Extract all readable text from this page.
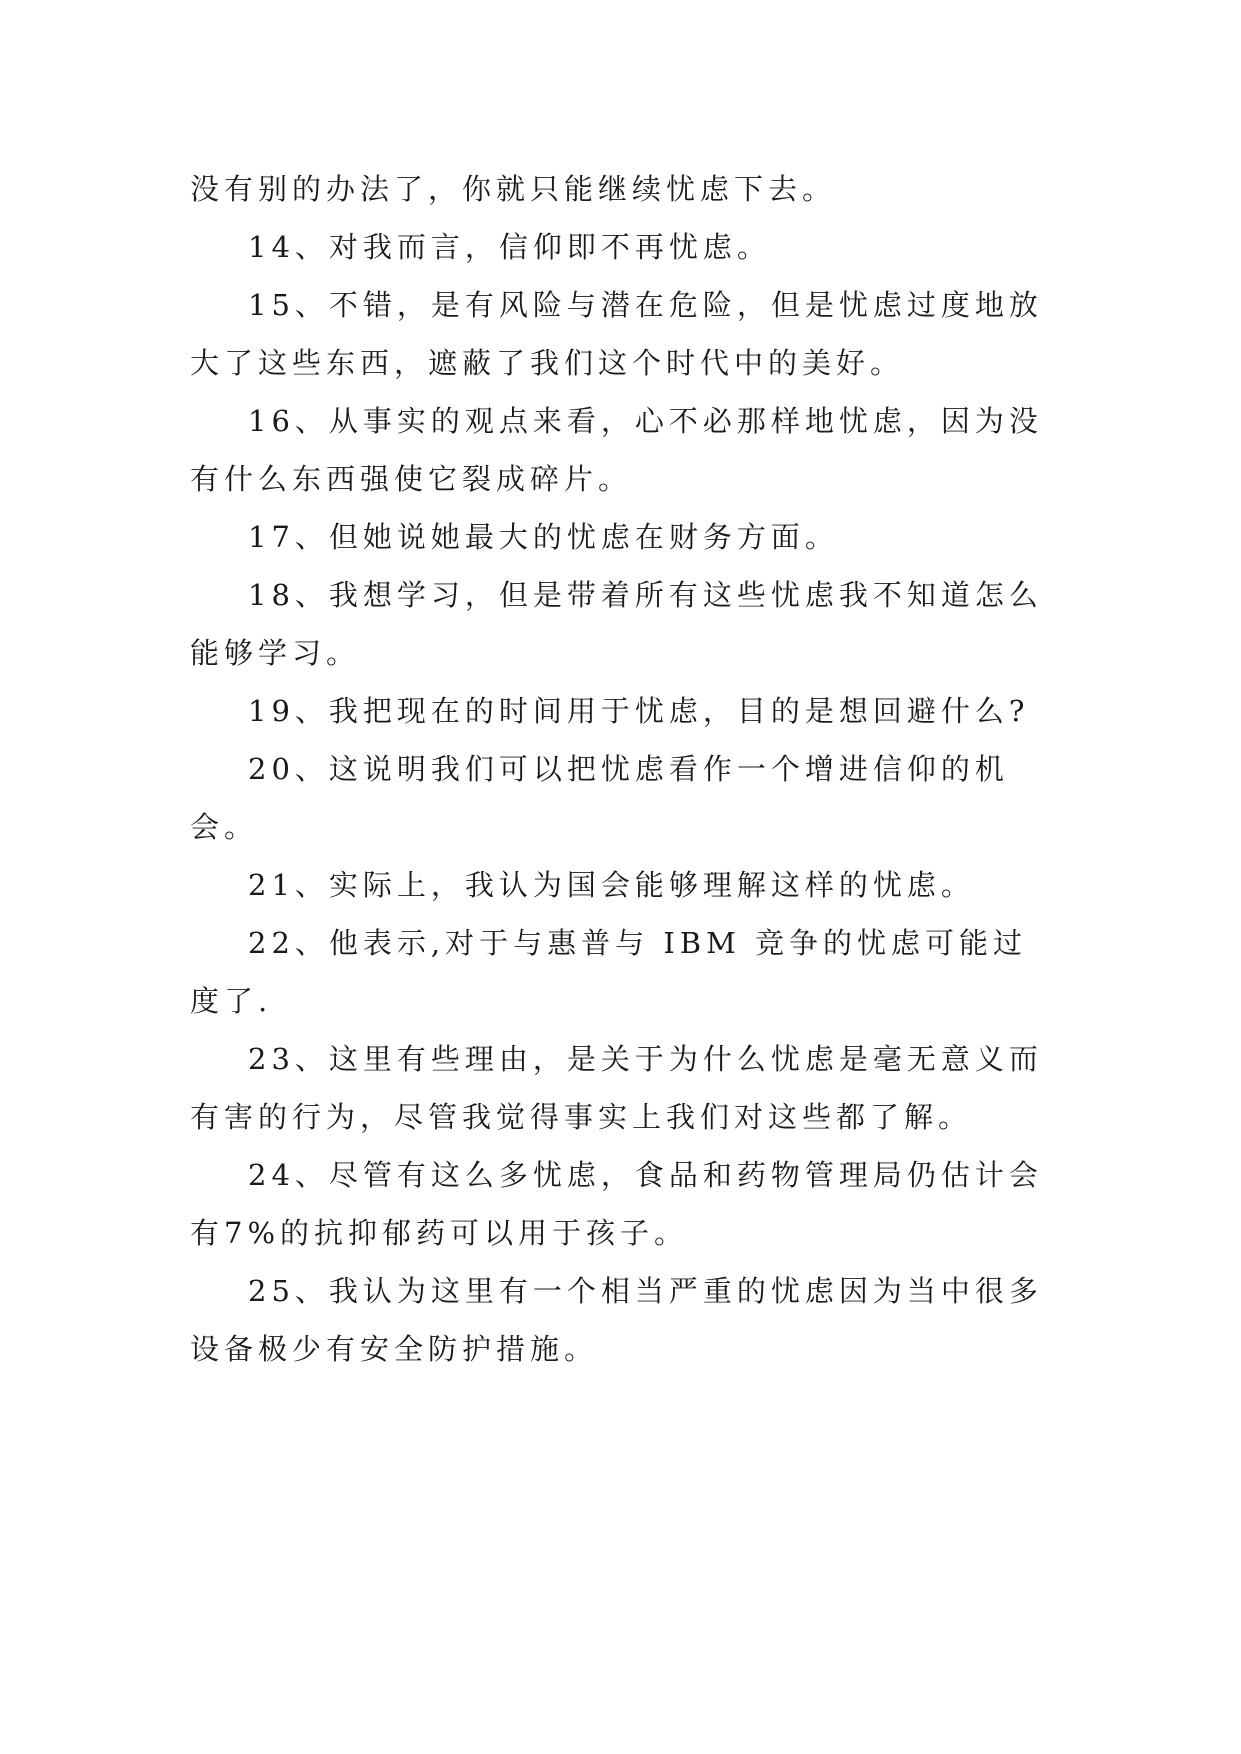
没有别的办法了，你就只能继续忧虑下去。

14、对我而言，信仰即不再忧虑。

15、不错，是有风险与潜在危险，但是忧虑过度地放大了这些东西，遮蔽了我们这个时代中的美好。

16、从事实的观点来看，心不必那样地忧虑，因为没有什么东西强使它裂成碎片。

17、但她说她最大的忧虑在财务方面。

18、我想学习，但是带着所有这些忧虑我不知道怎么能够学习。

19、我把现在的时间用于忧虑，目的是想回避什么?

20、这说明我们可以把忧虑看作一个增进信仰的机会。

21、实际上，我认为国会能够理解这样的忧虑。

22、他表示,对于与惠普与 IBM 竞争的忧虑可能过度了.

23、这里有些理由，是关于为什么忧虑是毫无意义而有害的行为，尽管我觉得事实上我们对这些都了解。

24、尽管有这么多忧虑，食品和药物管理局仍估计会有7%的抗抑郁药可以用于孩子。

25、我认为这里有一个相当严重的忧虑因为当中很多设备极少有安全防护措施。
